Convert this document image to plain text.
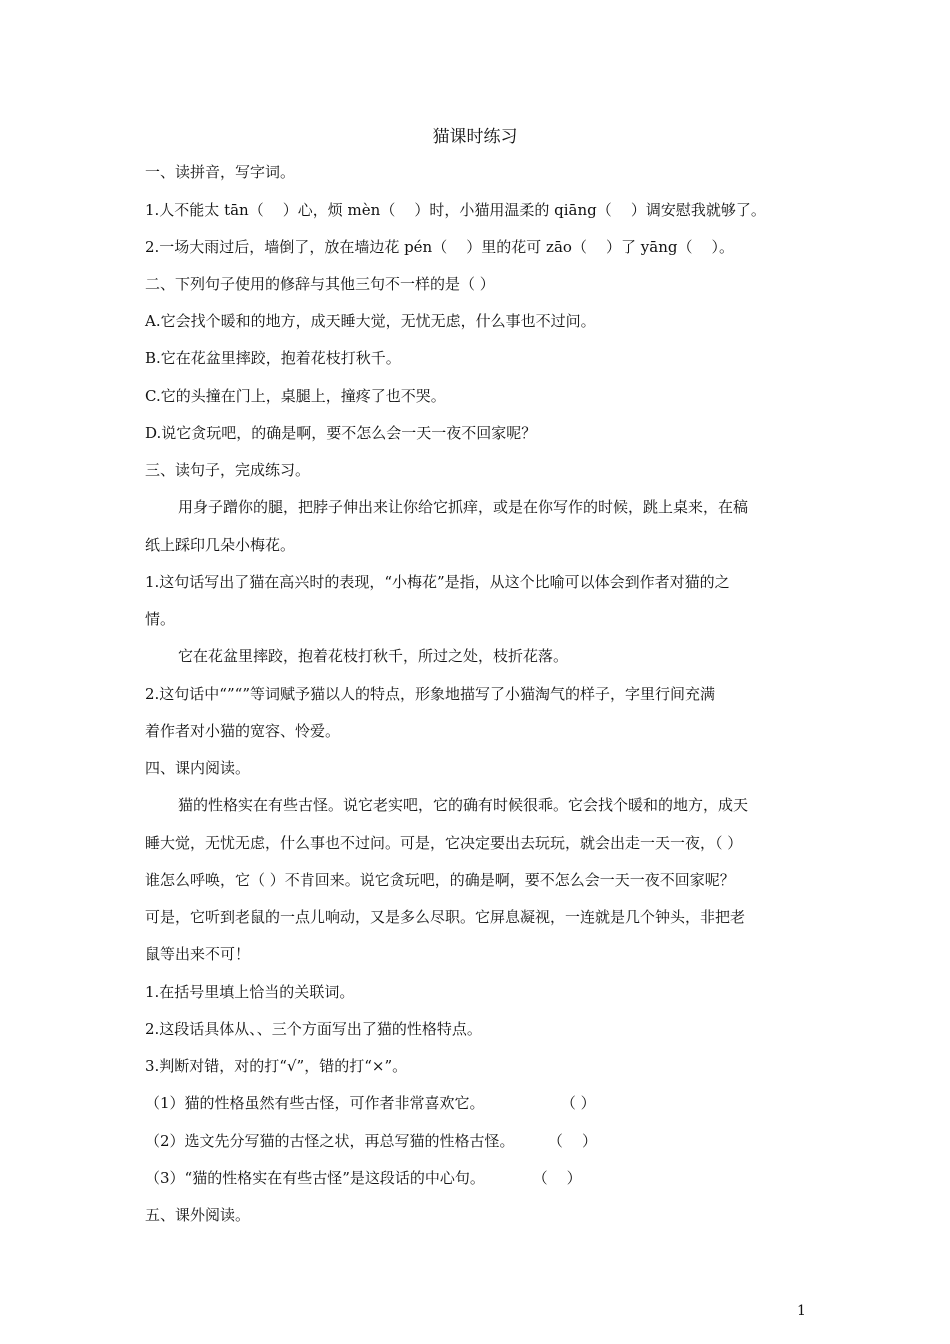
猫课时练习
一、读拼音，写字词。
1.人不能太 tān（    ）心，烦 mèn（    ）时，小猫用温柔的 qiāng（    ）调安慰我就够了。
2.一场大雨过后，墙倒了，放在墙边花 pén（    ）里的花可 zāo（    ）了 yāng（    ）。
二、下列句子使用的修辞与其他三句不一样的是（ ）
A.它会找个暖和的地方，成天睡大觉，无忧无虑，什么事也不过问。
B.它在花盆里摔跤，抱着花枝打秋千。
C.它的头撞在门上，桌腿上，撞疼了也不哭。
D.说它贪玩吧，的确是啊，要不怎么会一天一夜不回家呢？
三、读句子，完成练习。
用身子蹭你的腿，把脖子伸出来让你给它抓痒，或是在你写作的时候，跳上桌来，在稿
纸上踩印几朵小梅花。
1.这句话写出了猫在高兴时的表现，“小梅花”是指，从这个比喻可以体会到作者对猫的之
情。
它在花盆里摔跤，抱着花枝打秋千，所过之处，枝折花落。
2.这句话中“”“”等词赋予猫以人的特点，形象地描写了小猫淘气的样子，字里行间充满
着作者对小猫的宽容、怜爱。
四、课内阅读。
猫的性格实在有些古怪。说它老实吧，它的确有时候很乖。它会找个暖和的地方，成天
睡大觉，无忧无虑，什么事也不过问。可是，它决定要出去玩玩，就会出走一天一夜，（ ）
谁怎么呼唤，它（ ）不肯回来。说它贪玩吧，的确是啊，要不怎么会一天一夜不回家呢？
可是，它听到老鼠的一点儿响动，又是多么尽职。它屏息凝视，一连就是几个钟头，非把老
鼠等出来不可！
1.在括号里填上恰当的关联词。
2.这段话具体从、、三个方面写出了猫的性格特点。
3.判断对错，对的打“√”，错的打“×”。
（1）猫的性格虽然有些古怪，可作者非常喜欢它。                （ ）
（2）选文先分写猫的古怪之状，再总写猫的性格古怪。       （    ）
（3）“猫的性格实在有些古怪”是这段话的中心句。          （    ）
五、课外阅读。
1
